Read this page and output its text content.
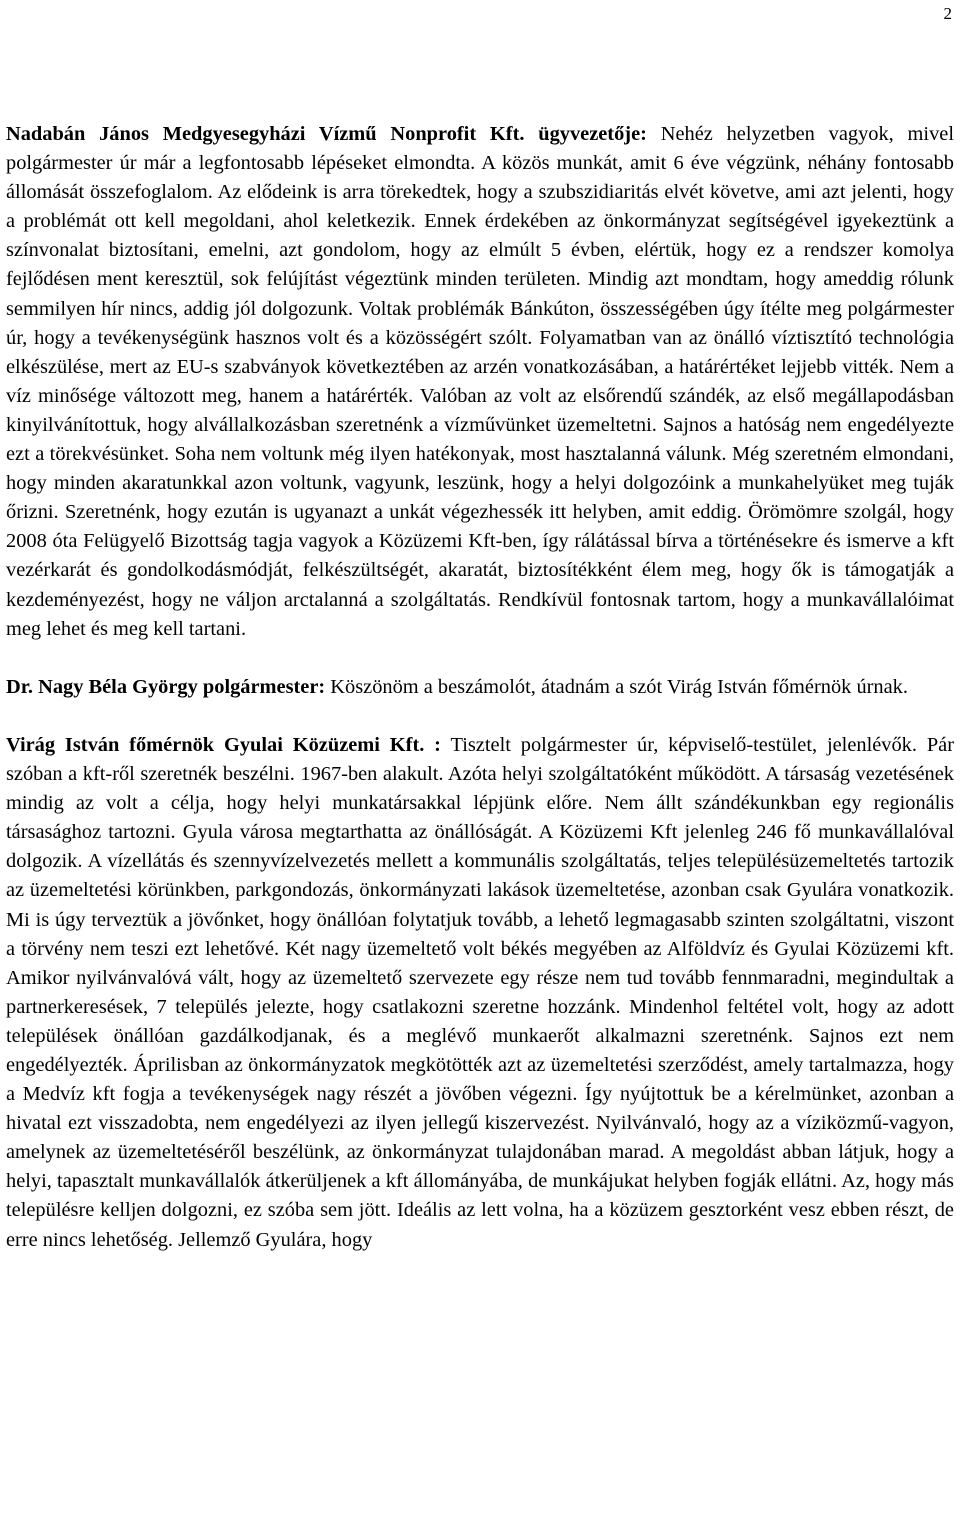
2

Nadabán János Medgyesegyházi Vízmű Nonprofit Kft. ügyvezetője: Nehéz helyzetben vagyok, mivel polgármester úr már a legfontosabb lépéseket elmondta. A közös munkát, amit 6 éve végzünk, néhány fontosabb állomását összefoglalom. Az elődeink is arra törekedtek, hogy a szubszidiaritás elvét követve, ami azt jelenti, hogy a problémát ott kell megoldani, ahol keletkezik. Ennek érdekében az önkormányzat segítségével igyekeztünk a színvonalat biztosítani, emelni, azt gondolom, hogy az elmúlt 5 évben, elértük, hogy ez a rendszer komolya fejlődésen ment keresztül, sok felújítást végeztünk minden területen. Mindig azt mondtam, hogy ameddig rólunk semmilyen hír nincs, addig jól dolgozunk. Voltak problémák Bánkúton, összességében úgy ítélte meg polgármester úr, hogy a tevékenységünk hasznos volt és a közösségért szólt. Folyamatban van az önálló víztisztító technológia elkészülése, mert az EU-s szabványok következtében az arzén vonatkozásában, a határértéket lejjebb vitték. Nem a víz minősége változott meg, hanem a határérték. Valóban az volt az elsőrendű szándék, az első megállapodásban kinyilvánítottuk, hogy alvállalkozásban szeretnénk a vízművünket üzemeltetni. Sajnos a hatóság nem engedélyezte ezt a törekvésünket. Soha nem voltunk még ilyen hatékonyak, most hasztalanná válunk. Még szeretném elmondani, hogy minden akaratunkkal azon voltunk, vagyunk, leszünk, hogy a helyi dolgozóink a munkahelyüket meg tuják őrizni. Szeretnénk, hogy ezután is ugyanazt a unkát végezhessék itt helyben, amit eddig. Örömömre szolgál, hogy 2008 óta Felügyelő Bizottság tagja vagyok a Közüzemi Kft-ben, így rálátással bírva a történésekre és ismerve a kft vezérkarát és gondolkodásmódját, felkészültségét, akaratát, biztosítékként élem meg, hogy ők is támogatják a kezdeményezést, hogy ne váljon arctalanná a szolgáltatás. Rendkívül fontosnak tartom, hogy a munkavállalóimat meg lehet és meg kell tartani.

Dr. Nagy Béla György polgármester: Köszönöm a beszámolót, átadnám a szót Virág István főmérnök úrnak.

Virág István főmérnök Gyulai Közüzemi Kft. : Tisztelt polgármester úr, képviselő-testület, jelenlévők. Pár szóban a kft-ről szeretnék beszélni. 1967-ben alakult. Azóta helyi szolgáltatóként működött. A társaság vezetésének mindig az volt a célja, hogy helyi munkatársakkal lépjünk előre. Nem állt szándékunkban egy regionális társasághoz tartozni. Gyula városa megtarthatta az önállóságát. A Közüzemi Kft jelenleg 246 fő munkavállalóval dolgozik. A vízellátás és szennyvízelvezetés mellett a kommunális szolgáltatás, teljes településüzemeltetés tartozik az üzemeltetési körünkben, parkgondozás, önkormányzati lakások üzemeltetése, azonban csak Gyulára vonatkozik. Mi is úgy terveztük a jövőnket, hogy önállóan folytatjuk tovább, a lehető legmagasabb szinten szolgáltatni, viszont a törvény nem teszi ezt lehetővé. Két nagy üzemeltető volt békés megyében az Alföldvíz és Gyulai Közüzemi kft. Amikor nyilvánvalóvá vált, hogy az üzemeltető szervezete egy része nem tud tovább fennmaradni, megindultak a partnerkeresések, 7 település jelezte, hogy csatlakozni szeretne hozzánk. Mindenhol feltétel volt, hogy az adott települések önállóan gazdálkodjanak, és a meglévő munkaerőt alkalmazni szeretnénk. Sajnos ezt nem engedélyezték. Áprilisban az önkormányzatok megkötötték azt az üzemeltetési szerződést, amely tartalmazza, hogy a Medvíz kft fogja a tevékenységek nagy részét a jövőben végezni. Így nyújtottuk be a kérelmünket, azonban a hivatal ezt visszadobta, nem engedélyezi az ilyen jellegű kiszervezést. Nyilvánvaló, hogy az a víziközmű-vagyon, amelynek az üzemeltetéséről beszélünk, az önkormányzat tulajdonában marad. A megoldást abban látjuk, hogy a helyi, tapasztalt munkavállalók átkerüljenek a kft állományába, de munkájukat helyben fogják ellátni. Az, hogy más településre kelljen dolgozni, ez szóba sem jött. Ideális az lett volna, ha a közüzem gesztorként vesz ebben részt, de erre nincs lehetőség. Jellemző Gyulára, hogy
